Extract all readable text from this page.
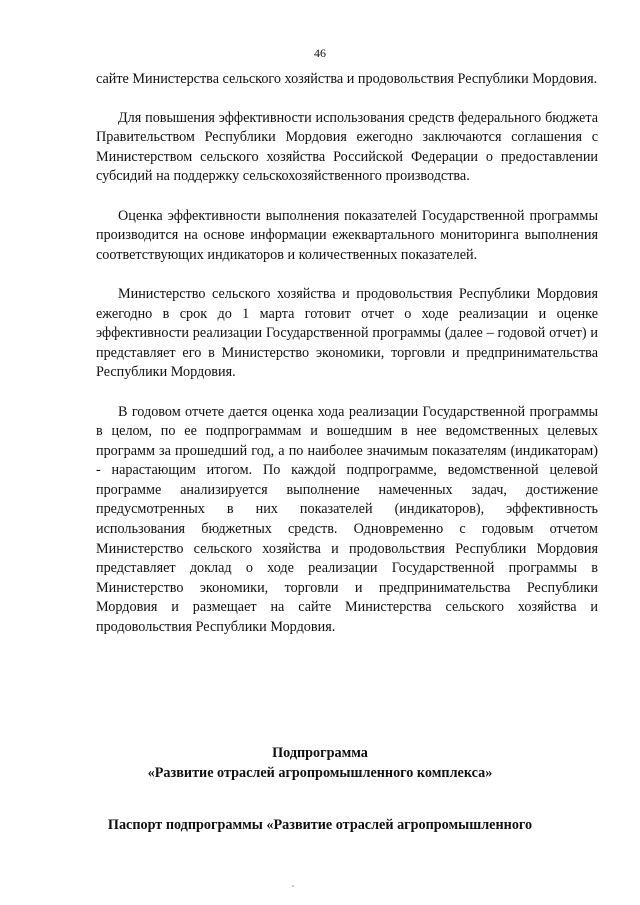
46

сайте Министерства сельского хозяйства и продовольствия Республики Мордовия.

Для повышения эффективности использования средств федерального бюджета Правительством Республики Мордовия ежегодно заключаются соглашения с Министерством сельского хозяйства Российской Федерации о предоставлении субсидий на поддержку сельскохозяйственного производства.

Оценка эффективности выполнения показателей Государственной программы производится на основе информации ежеквартального мониторинга выполнения соответствующих индикаторов и количественных показателей.

Министерство сельского хозяйства и продовольствия Республики Мордовия ежегодно в срок до 1 марта готовит отчет о ходе реализации и оценке эффективности реализации Государственной программы (далее – годовой отчет) и представляет его в Министерство экономики, торговли и предпринимательства Республики Мордовия.

В годовом отчете дается оценка хода реализации Государственной программы в целом, по ее подпрограммам и вошедшим в нее ведомственных целевых программ за прошедший год, а по наиболее значимым показателям (индикаторам) - нарастающим итогом. По каждой подпрограмме, ведомственной целевой программе анализируется выполнение намеченных задач, достижение предусмотренных в них показателей (индикаторов), эффективность использования бюджетных средств. Одновременно с годовым отчетом Министерство сельского хозяйства и продовольствия Республики Мордовия представляет доклад о ходе реализации Государственной программы в Министерство экономики, торговли и предпринимательства Республики Мордовия и размещает на сайте Министерства сельского хозяйства и продовольствия Республики Мордовия.

Подпрограмма
«Развитие отраслей агропромышленного комплекса»
Паспорт подпрограммы «Развитие отраслей агропромышленного
